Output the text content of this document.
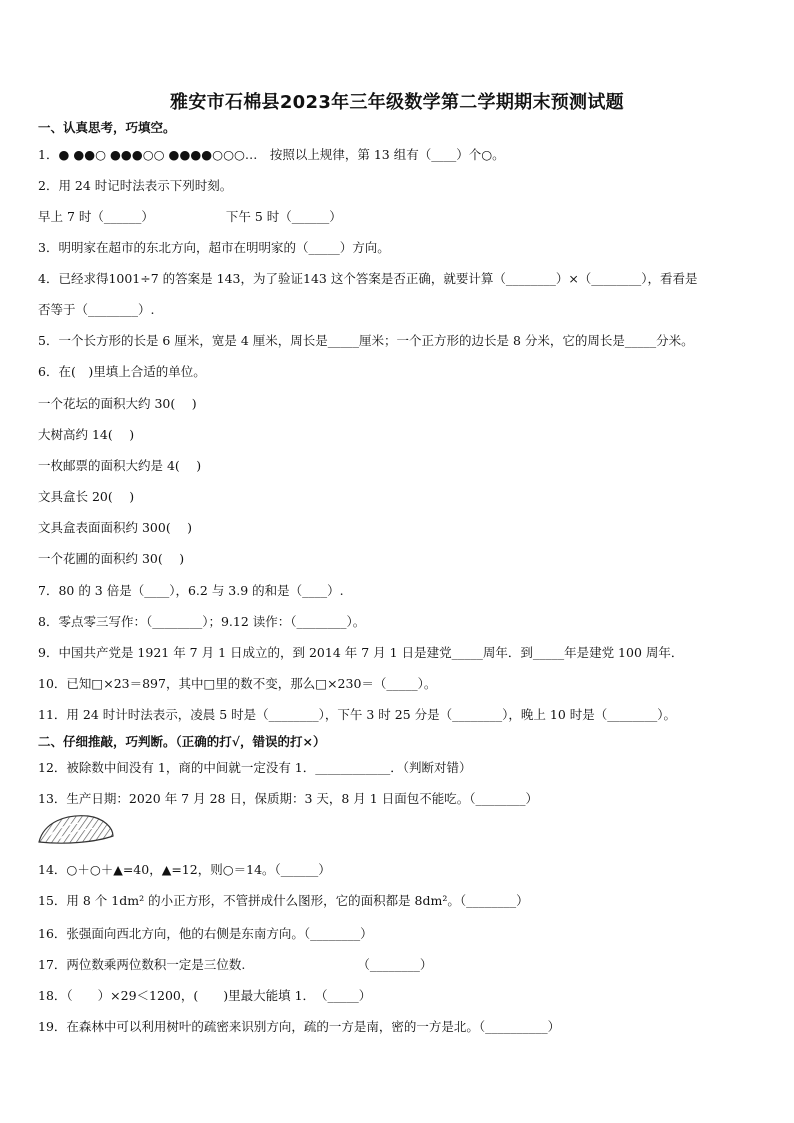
雅安市石棉县2023年三年级数学第二学期期末预测试题
一、认真思考，巧填空。
1．● ●●○ ●●●○○ ●●●●○○○…　按照以上规律，第 13 组有（____）个○。
2．用 24 时记时法表示下列时刻。
早上 7 时（______）	下午 5 时（______）
3．明明家在超市的东北方向，超市在明明家的（_____）方向。
4．已经求得1001÷7 的答案是 143，为了验证143 这个答案是否正确，就要计算（________）×（________），看看是
否等于（________）.
5．一个长方形的长是 6 厘米，宽是 4 厘米，周长是_____厘米；一个正方形的边长是 8 分米，它的周长是_____分米。
6．在(　)里填上合适的单位。
一个花坛的面积大约 30(　 )
大树高约 14(　 )
一枚邮票的面积大约是 4(　 )
文具盒长 20(　 )
文具盒表面面积约 300(　 )
一个花圃的面积约 30(　 )
7．80 的 3 倍是（____），6.2 与 3.9 的和是（____）.
8．零点零三写作：（________）；9.12 读作：（________）。
9．中国共产党是 1921 年 7 月 1 日成立的，到 2014 年 7 月 1 日是建党_____周年．到_____年是建党 100 周年．
10．已知□×23＝897，其中□里的数不变，那么□×230＝（_____）。
11．用 24 时计时法表示，凌晨 5 时是（________），下午 3 时 25 分是（________），晚上 10 时是（________）。
二、仔细推敲，巧判断。（正确的打√，错误的打×）
12．被除数中间没有 1，商的中间就一定没有 1．____________．（判断对错）
13．生产日期：2020 年 7 月 28 日，保质期：3 天，8 月 1 日面包不能吃。（________）
14．○＋○＋▲=40，▲=12，则○＝14。（______）
15．用 8 个 1dm² 的小正方形，不管拼成什么图形，它的面积都是 8dm²。（________）
16．张强面向西北方向，他的右侧是东南方向。（________）
17．两位数乘两位数积一定是三位数.	（________）
18．（　　）×29＜1200，(　　)里最大能填 1．　（_____）
19．在森林中可以利用树叶的疏密来识别方向，疏的一方是南，密的一方是北。（__________）
